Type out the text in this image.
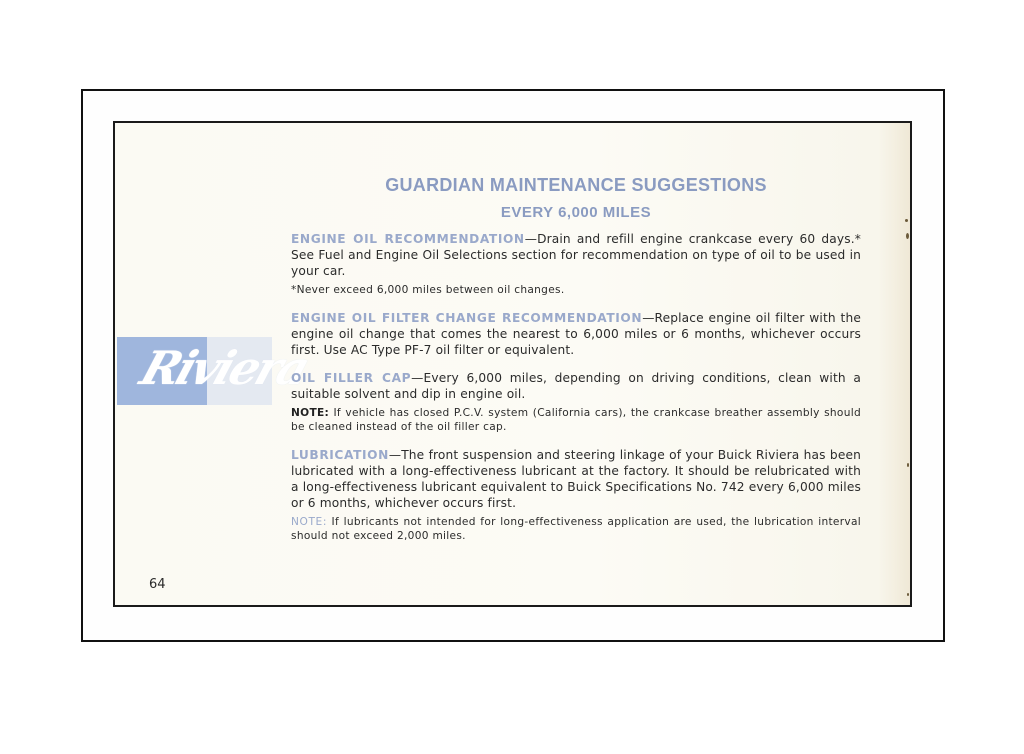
Riviera
GUARDIAN MAINTENANCE SUGGESTIONS
EVERY 6,000 MILES

ENGINE OIL RECOMMENDATION—Drain and refill engine crankcase every 60 days.* See Fuel and Engine Oil Selections section for recommendation on type of oil to be used in your car.

*Never exceed 6,000 miles between oil changes.

ENGINE OIL FILTER CHANGE RECOMMENDATION—Replace engine oil filter with the engine oil change that comes the nearest to 6,000 miles or 6 months, whichever occurs first. Use AC Type PF-7 oil filter or equivalent.

OIL FILLER CAP—Every 6,000 miles, depending on driving conditions, clean with a suitable solvent and dip in engine oil.

NOTE: If vehicle has closed P.C.V. system (California cars), the crankcase breather assembly should be cleaned instead of the oil filler cap.

LUBRICATION—The front suspension and steering linkage of your Buick Riviera has been lubricated with a long-effectiveness lubricant at the factory. It should be relubricated with a long-effectiveness lubricant equivalent to Buick Specifications No. 742 every 6,000 miles or 6 months, whichever occurs first.

NOTE: If lubricants not intended for long-effectiveness application are used, the lubrication interval should not exceed 2,000 miles.

64
